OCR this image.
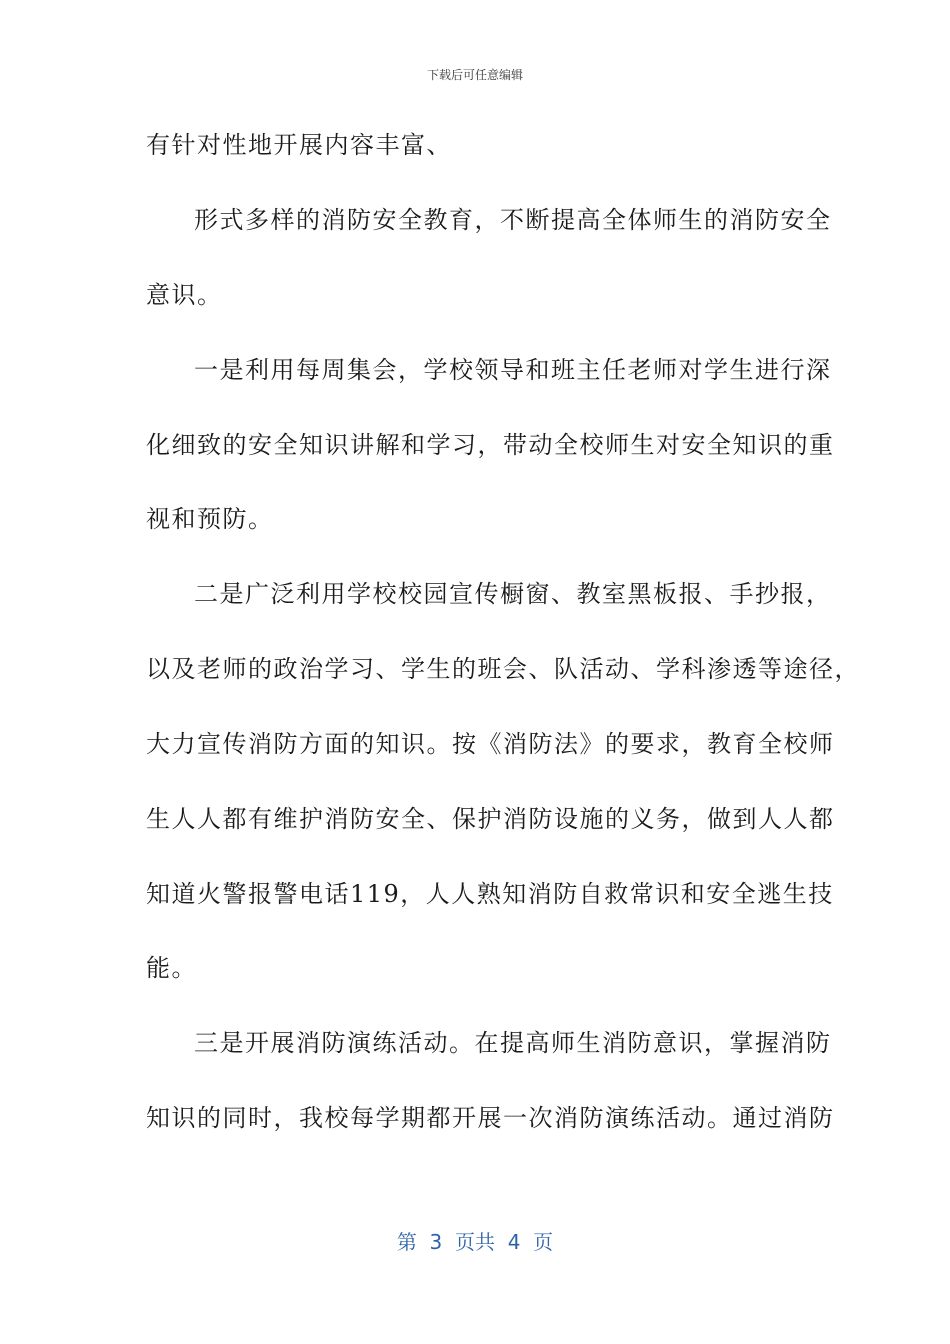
下载后可任意编辑
有针对性地开展内容丰富、
形式多样的消防安全教育，不断提高全体师生的消防安全
意识。
一是利用每周集会，学校领导和班主任老师对学生进行深
化细致的安全知识讲解和学习，带动全校师生对安全知识的重
视和预防。
二是广泛利用学校校园宣传橱窗、教室黑板报、手抄报，
以及老师的政治学习、学生的班会、队活动、学科渗透等途径，
大力宣传消防方面的知识。按《消防法》的要求，教育全校师
生人人都有维护消防安全、保护消防设施的义务，做到人人都
知道火警报警电话119，人人熟知消防自救常识和安全逃生技
能。
三是开展消防演练活动。在提高师生消防意识，掌握消防
知识的同时，我校每学期都开展一次消防演练活动。通过消防
第  3  页共  4  页
